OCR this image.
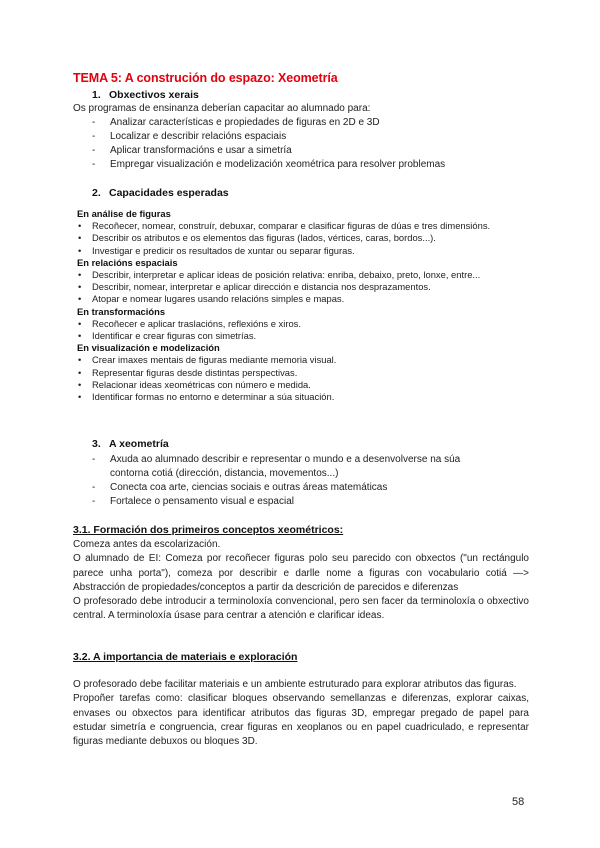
TEMA 5: A construción do espazo: Xeometría
1. Obxectivos xerais
Os programas de ensinanza deberían capacitar ao alumnado para:
- Analizar características e propiedades de figuras en 2D e 3D
- Localizar e describir relacións espaciais
- Aplicar transformacións e usar a simetría
- Empregar visualización e modelización xeométrica para resolver problemas
2. Capacidades esperadas
En análise de figuras
• Recoñecer, nomear, construír, debuxar, comparar e clasificar figuras de dúas e tres dimensións.
• Describir os atributos e os elementos das figuras (lados, vértices, caras, bordos...).
• Investigar e predicir os resultados de xuntar ou separar figuras.
En relacións espaciais
• Describir, interpretar e aplicar ideas de posición relativa: enriba, debaixo, preto, lonxe, entre...
• Describir, nomear, interpretar e aplicar dirección e distancia nos desprazamentos.
• Atopar e nomear lugares usando relacións simples e mapas.
En transformacións
• Recoñecer e aplicar traslacións, reflexións e xiros.
• Identificar e crear figuras con simetrías.
En visualización e modelización
• Crear imaxes mentais de figuras mediante memoria visual.
• Representar figuras desde distintas perspectivas.
• Relacionar ideas xeométricas con número e medida.
• Identificar formas no entorno e determinar a súa situación.
3. A xeometría
- Axuda ao alumnado describir e representar o mundo e a desenvolverse na súa
contorna cotiá (dirección, distancia, movementos...)
- Conecta coa arte, ciencias sociais e outras áreas matemáticas
- Fortalece o pensamento visual e espacial
3.1. Formación dos primeiros conceptos xeométricos:

Comeza antes da escolarización.

O alumnado de EI: Comeza por recoñecer figuras polo seu parecido con obxectos ("un rectángulo parece unha porta"), comeza por describir e darlle nome a figuras con vocabulario cotiá —> Abstracción de propiedades/conceptos a partir da descrición de parecidos e diferenzas

O profesorado debe introducir a terminoloxía convencional, pero sen facer da terminoloxía o obxectivo central. A terminoloxía úsase para centrar a atención e clarificar ideas.

3.2. A importancia de materiais e exploración

O profesorado debe facilitar materiais e un ambiente estruturado para explorar atributos das figuras.

Propoñer tarefas como: clasificar bloques observando semellanzas e diferenzas, explorar caixas, envases ou obxectos para identificar atributos das figuras 3D, empregar pregado de papel para estudar simetría e congruencia, crear figuras en xeoplanos ou en papel cuadriculado, e representar figuras mediante debuxos ou bloques 3D.

58
